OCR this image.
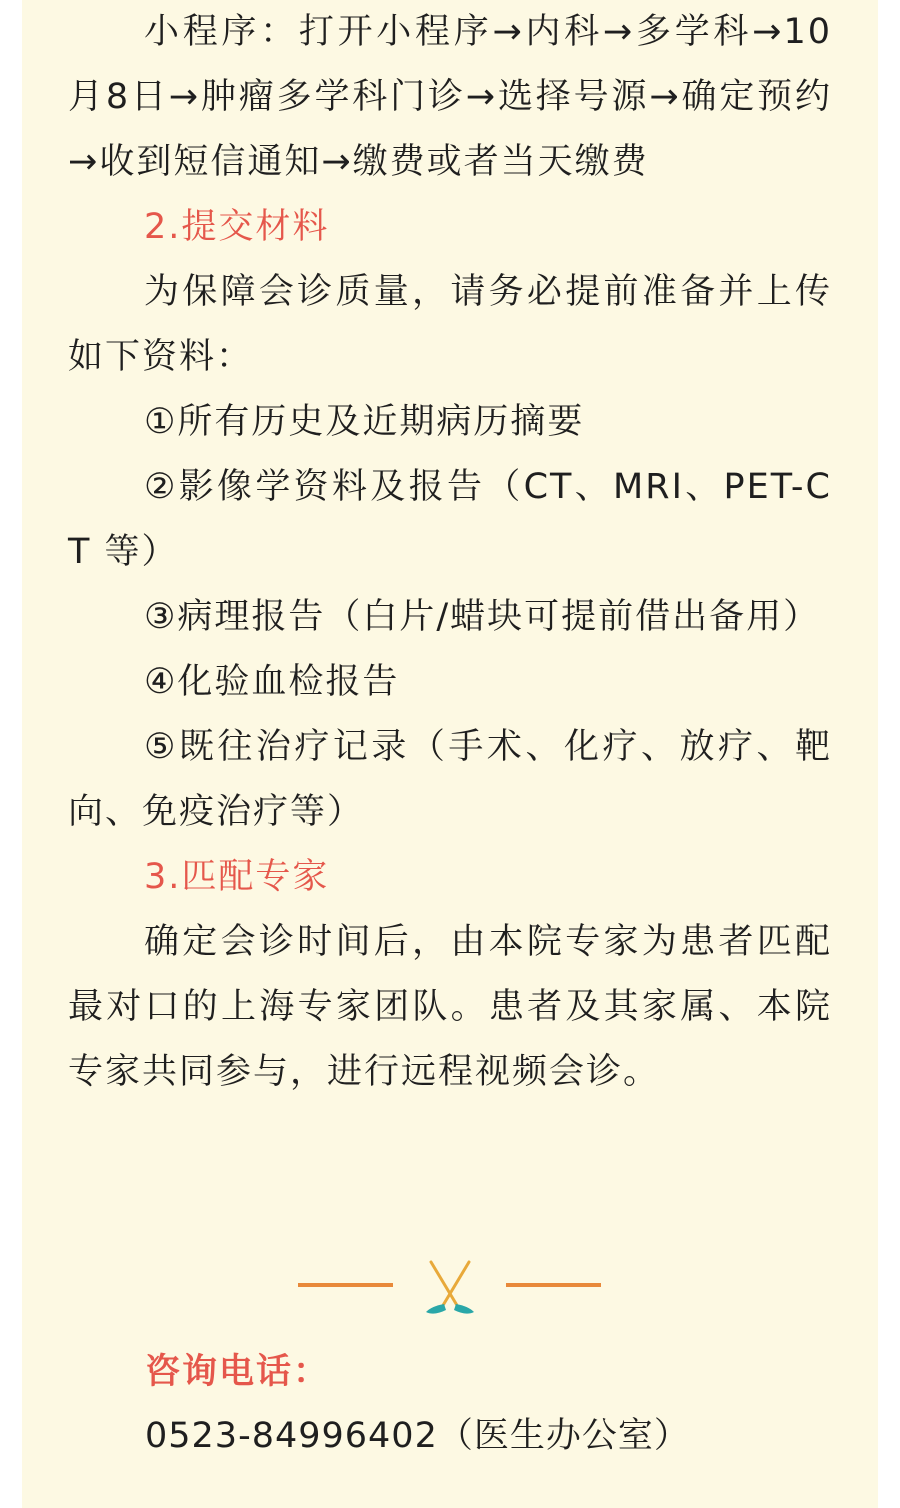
小程序：打开小程序→内科→多学科→10月8日→肿瘤多学科门诊→选择号源→确定预约→收到短信通知→缴费或者当天缴费

2.提交材料

为保障会诊质量，请务必提前准备并上传如下资料：

①所有历史及近期病历摘要

②影像学资料及报告（CT、MRI、PET-CT 等）

③病理报告（白片/蜡块可提前借出备用）

④化验血检报告

⑤既往治疗记录（手术、化疗、放疗、靶向、免疫治疗等）

3.匹配专家

确定会诊时间后，由本院专家为患者匹配最对口的上海专家团队。患者及其家属、本院专家共同参与，进行远程视频会诊。

咨询电话：
0523-84996402（医生办公室）
